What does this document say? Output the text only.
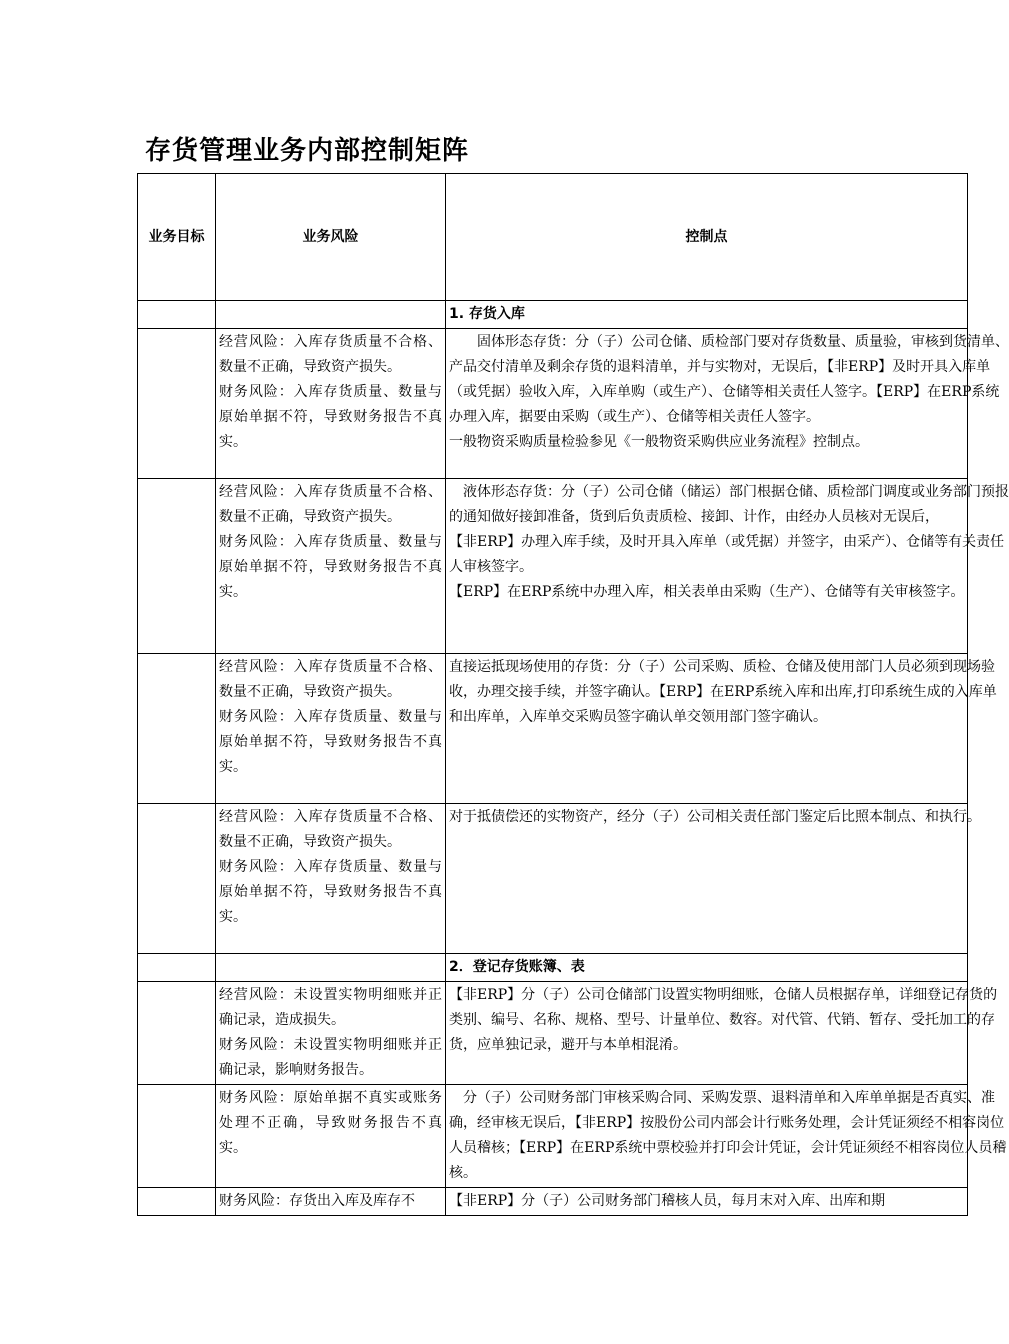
存货管理业务内部控制矩阵
业务目标	业务风险	控制点
		1. 存货入库

	经营风险：入库存货质量不合格、数量不正确，导致资产损失。
财务风险：入库存货质量、数量与原始单据不符，导致财务报告不真实。	　　固体形态存货：分（子）公司仓储、质检部门要对存货数量、质量验，审核到货清单、产品交付清单及剩余存货的退料清单，并与实物对，无误后，【非ERP】及时开具入库单（或凭据）验收入库，入库单购（或生产）、仓储等相关责任人签字。【ERP】在ERP系统办理入库，据要由采购（或生产）、仓储等相关责任人签字。
一般物资采购质量检验参见《一般物资采购供应业务流程》控制点。

	经营风险：入库存货质量不合格、数量不正确，导致资产损失。
财务风险：入库存货质量、数量与原始单据不符，导致财务报告不真实。	　液体形态存货：分（子）公司仓储（储运）部门根据仓储、质检部门调度或业务部门预报的通知做好接卸准备，货到后负责质检、接卸、计作，由经办人员核对无误后，
【非ERP】办理入库手续，及时开具入库单（或凭据）并签字，由采产）、仓储等有关责任人审核签字。
【ERP】在ERP系统中办理入库，相关表单由采购（生产）、仓储等有关审核签字。

	经营风险：入库存货质量不合格、数量不正确，导致资产损失。
财务风险：入库存货质量、数量与原始单据不符，导致财务报告不真实。	直接运抵现场使用的存货：分（子）公司采购、质检、仓储及使用部门人员必须到现场验收，办理交接手续，并签字确认。【ERP】在ERP系统入库和出库,打印系统生成的入库单和出库单，入库单交采购员签字确认单交领用部门签字确认。

	经营风险：入库存货质量不合格、数量不正确，导致资产损失。
财务风险：入库存货质量、数量与原始单据不符，导致财务报告不真实。	对于抵债偿还的实物资产，经分（子）公司相关责任部门鉴定后比照本制点、和执行。

		2．登记存货账簿、表

	经营风险：未设置实物明细账并正确记录，造成损失。
财务风险：未设置实物明细账并正确记录，影响财务报告。	【非ERP】分（子）公司仓储部门设置实物明细账，仓储人员根据存单，详细登记存货的类别、编号、名称、规格、型号、计量单位、数容。对代管、代销、暂存、受托加工的存货，应单独记录，避开与本单相混淆。

	财务风险：原始单据不真实或账务处理不正确，导致财务报告不真实。	　分（子）公司财务部门审核采购合同、采购发票、退料清单和入库单单据是否真实、准确，经审核无误后，【非ERP】按股份公司内部会计行账务处理，会计凭证须经不相容岗位人员稽核；【ERP】在ERP系统中票校验并打印会计凭证，会计凭证须经不相容岗位人员稽核。

	财务风险：存货出入库及库存不	【非ERP】分（子）公司财务部门稽核人员，每月末对入库、出库和期
